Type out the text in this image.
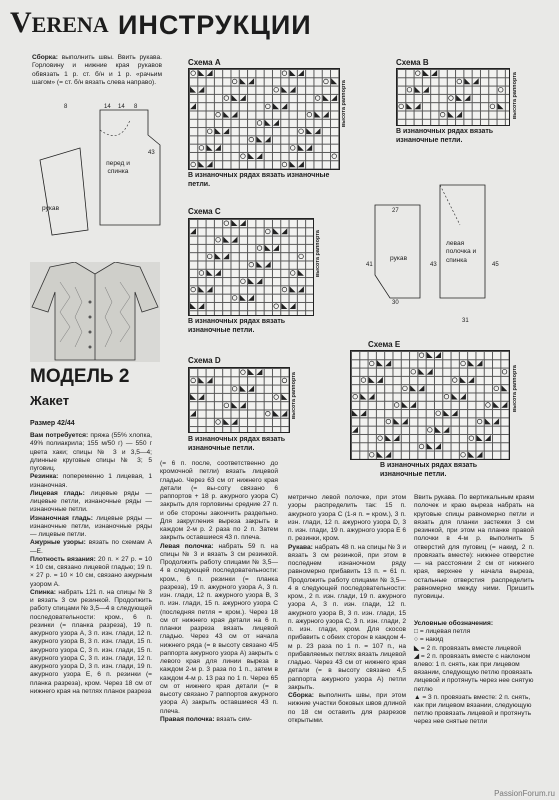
VERENA ИНСТРУКЦИИ

Сборка: выполнить швы. Ввить рукава. Горловину и нижние края рукавов обвязать 1 р. ст. б/н и 1 р. «рачьим шагом» (= ст. б/н вязать слева направо).

8	14 14 8
перед и спинка
рукав
43
МОДЕЛЬ 2
Жакет
Размер 42/44
Схема А
высота раппорта
В изнаночных рядах вязать изнаночные петли.
Схема В
высота раппорта
В изнаночных рядах вязать изнаночные петли.
Схема С
высота раппорта
В изнаночных рядах вязать изнаночные петли.
Схема D
высота раппорта
В изнаночных рядах вязать изнаночные петли.
Схема Е
высота раппорта
В изнаночных рядах вязать изнаночные петли.
рукав
левая полочка и спинка
27
30
41	43	45
31

Вам потребуется: пряжа (55% хлопка, 49% полиакрила; 155 м/50 г) — 550 г цвета хаки; спицы № 3 и 3,5—4; длинные круговые спицы № 3; 5 пуговиц.

Резинка: попеременно 1 лицевая, 1 изнаночная.

Лицевая гладь: лицевые ряды — лицевые петли, изнаночные ряды — изнаночные петли.

Изнаночная гладь: лицевые ряды — изнаночные петли, изнаночные ряды — лицевые петли.

Ажурные узоры: вязать по схемам А—Е.

Плотность вязания: 20 п. × 27 р. = 10 × 10 см, связано лицевой гладью; 19 п. × 27 р. = 10 × 10 см, связано ажурным узором А.

Спинка: набрать 121 п. на спицы № 3 и вязать 3 см резинкой. Продолжить работу спицами № 3,5—4 в следующей последовательности: кром., 6 п. резинки (= планка разреза), 19 п. ажурного узора А, 3 п. изн. глади, 12 п. ажурного узора В, 3 п. изн. глади, 15 п. ажурного узора С, 3 п. изн. глади, 15 п. ажурного узора С, 3 п. изн. глади, 12 п. ажурного узора D, 3 п. изн. глади, 19 п. ажурного узора Е, 6 п. резинки (= планка разреза), кром. Через 18 см от нижнего края на петлях планок разреза

(= 6 п. после, соответственно до кромочной петли) вязать лицевой гладью. Через 63 см от нижнего края детали (= вы-соту связано 6 раппортов + 18 р. ажурного узора С) закрыть для горловины средние 27 п. и обе стороны закончить раздельно. Для закругления выреза закрыть в каждом 2-м р. 2 раза по 2 п. Затем закрыть оставшиеся 43 п. плеча.

Левая полочка: набрать 59 п. на спицы № 3 и вязать 3 см резинкой. Продолжить работу спицами № 3,5—4 в следующей последовательности: кром., 6 п. резинки (= планка разреза), 19 п. ажурного узора А, 3 п. изн. глади, 12 п. ажурного узора В, 3 п. изн. глади, 15 п. ажурного узора С (последняя петля = кром.). Через 18 см от нижнего края детали на 6 п. планки разреза вязать лицевой гладью. Через 43 см от начала нижнего ряда (= в высоту связано 4/5 раппорта ажурного узора А) закрыть с левого края для линии выреза в каждом 2-м р. 3 раза по 1 п., затем в каждом 4-м р. 13 раз по 1 п. Через 65 см от нижнего края детали (= в высоту связано 7 раппортов ажурного узора А) закрыть оставшиеся 43 п. плеча.

Правая полочка: вязать сим-

метрично левой полочке, при этом узоры распределить так: 15 п. ажурного узора С (1-я п. = кром.), 3 п. изн. глади, 12 п. ажурного узора D, 3 п. изн. глади, 19 п. ажурного узора Е 6 п. резинки, кром.

Рукава: набрать 48 п. на спицы № 3 и вязать 3 см резинкой, при этом в последнем изнаночном ряду равномерно прибавить 13 п. = 61 п. Продолжить работу спицами № 3,5—4 в следующей последовательности: кром., 2 п. изн. глади, 19 п. ажурного узора А, 3 п. изн. глади, 12 п. ажурного узора В, 3 п. изн. глади, 15 п. ажурного узора С, 3 п. изн. глади, 2 п. изн. глади, кром. Для скосов прибавить с обеих сторон в каждом 4-м р. 23 раза по 1 п. = 107 п., на прибавляемых петлях вязать лицевой гладью. Через 43 см от нижнего края детали (= в высоту связано 4,5 раппорта ажурного узора А) петли закрыть.

Сборка: выполнить швы, при этом нижние участки боковых швов длиной по 18 см оставить для разрезов открытыми.

Ввить рукава. По вертикальным краям полочек и краю выреза набрать на круговые спицы равномерно петли и вязать для планки застежки 3 см резинкой, при этом на планке правой полочки в 4-м р. выполнить 5 отверстий для пуговиц (= накид, 2 п. провязать вместе): нижнее отверстие — на расстоянии 2 см от нижнего края, верхнее у начала выреза, остальные отверстия распределить равномерно между ними. Пришить пуговицы.

Условные обозначения:
□ = лицевая петля
○ = накид
◣ = 2 п. провязать вместе лицевой
◢ = 2 п. провязать вместе с наклоном влево: 1 п. снять, как при лицевом вязании, следующую петлю провязать лицевой и протянуть через нее снятую петлю
▲ = 3 п. провязать вместе: 2 п. снять, как при лицевом вязании, следующую петлю провязать лицевой и протянуть через нее снятые петли
PassionForum.ru
